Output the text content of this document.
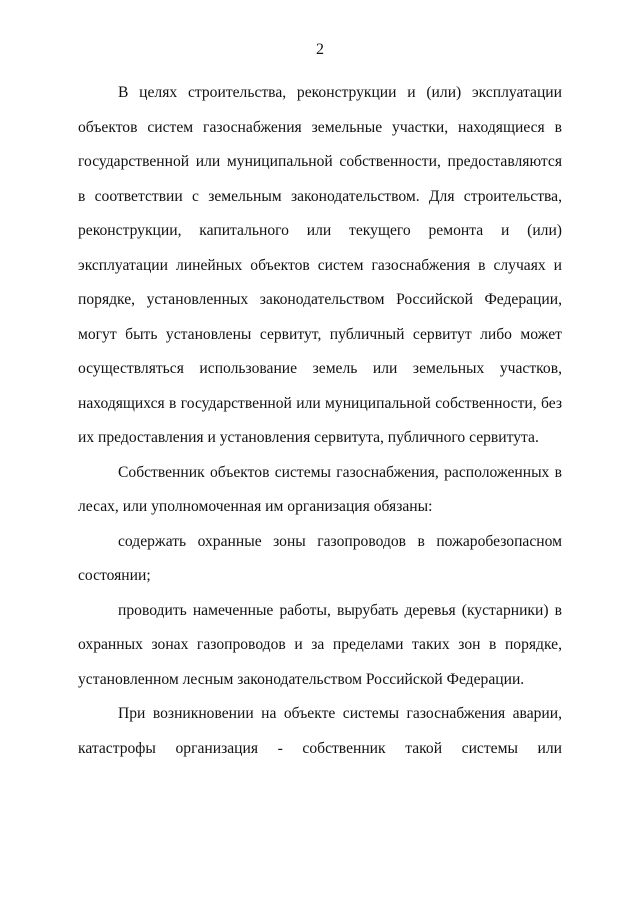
2

В целях строительства, реконструкции и (или) эксплуатации объектов систем газоснабжения земельные участки, находящиеся в государственной или муниципальной собственности, предоставляются в соответствии с земельным законодательством. Для строительства, реконструкции, капитального или текущего ремонта и (или) эксплуатации линейных объектов систем газоснабжения в случаях и порядке, установленных законодательством Российской Федерации, могут быть установлены сервитут, публичный сервитут либо может осуществляться использование земель или земельных участков, находящихся в государственной или муниципальной собственности, без их предоставления и установления сервитута, публичного сервитута.

Собственник объектов системы газоснабжения, расположенных в лесах, или уполномоченная им организация обязаны:

содержать охранные зоны газопроводов в пожаробезопасном состоянии;

проводить намеченные работы, вырубать деревья (кустарники) в охранных зонах газопроводов и за пределами таких зон в порядке, установленном лесным законодательством Российской Федерации.

При возникновении на объекте системы газоснабжения аварии, катастрофы организация - собственник такой системы или
